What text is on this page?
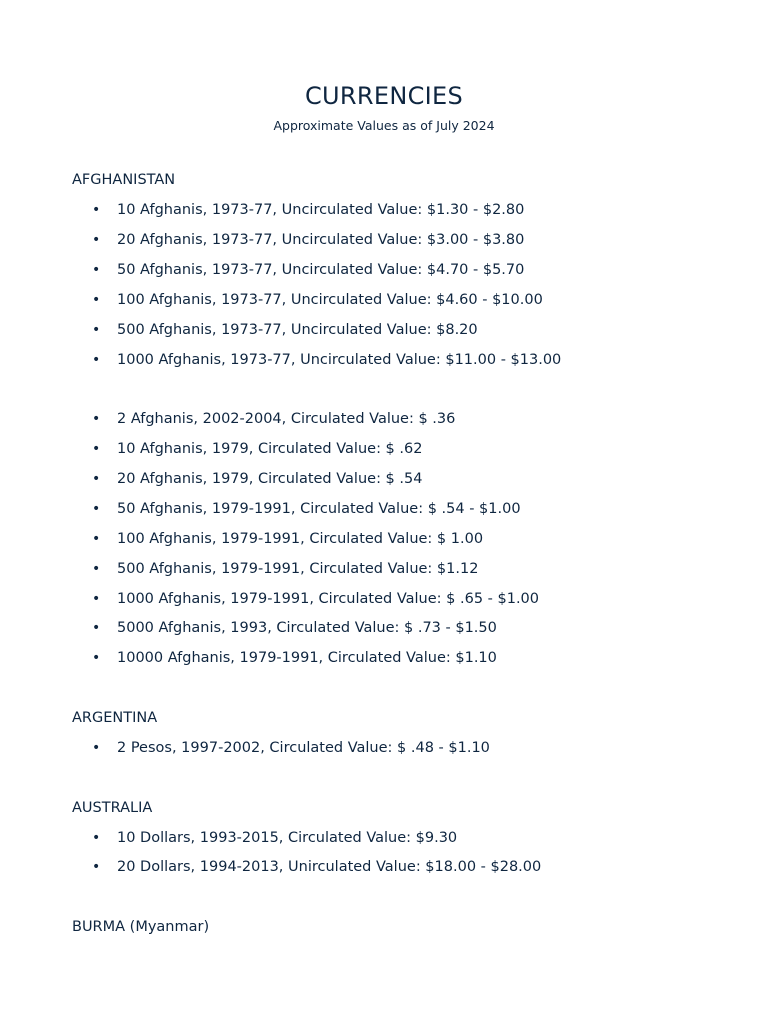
CURRENCIES
Approximate Values as of July 2024
AFGHANISTAN
• 10 Afghanis, 1973-77, Uncirculated Value: $1.30 - $2.80
• 20 Afghanis, 1973-77, Uncirculated Value: $3.00 - $3.80
• 50 Afghanis, 1973-77, Uncirculated Value: $4.70 - $5.70
• 100 Afghanis, 1973-77, Uncirculated Value: $4.60 - $10.00
• 500 Afghanis, 1973-77, Uncirculated Value: $8.20
• 1000 Afghanis, 1973-77, Uncirculated Value: $11.00 - $13.00
• 2 Afghanis, 2002-2004, Circulated Value: $ .36
• 10 Afghanis, 1979, Circulated Value: $ .62
• 20 Afghanis, 1979, Circulated Value: $ .54
• 50 Afghanis, 1979-1991, Circulated Value: $ .54 - $1.00
• 100 Afghanis, 1979-1991, Circulated Value: $ 1.00
• 500 Afghanis, 1979-1991, Circulated Value: $1.12
• 1000 Afghanis, 1979-1991, Circulated Value: $ .65 - $1.00
• 5000 Afghanis, 1993, Circulated Value: $ .73 - $1.50
• 10000 Afghanis, 1979-1991, Circulated Value: $1.10
ARGENTINA
• 2 Pesos, 1997-2002, Circulated Value: $ .48 - $1.10
AUSTRALIA
• 10 Dollars, 1993-2015, Circulated Value: $9.30
• 20 Dollars, 1994-2013, Unirculated Value: $18.00 - $28.00
BURMA (Myanmar)
